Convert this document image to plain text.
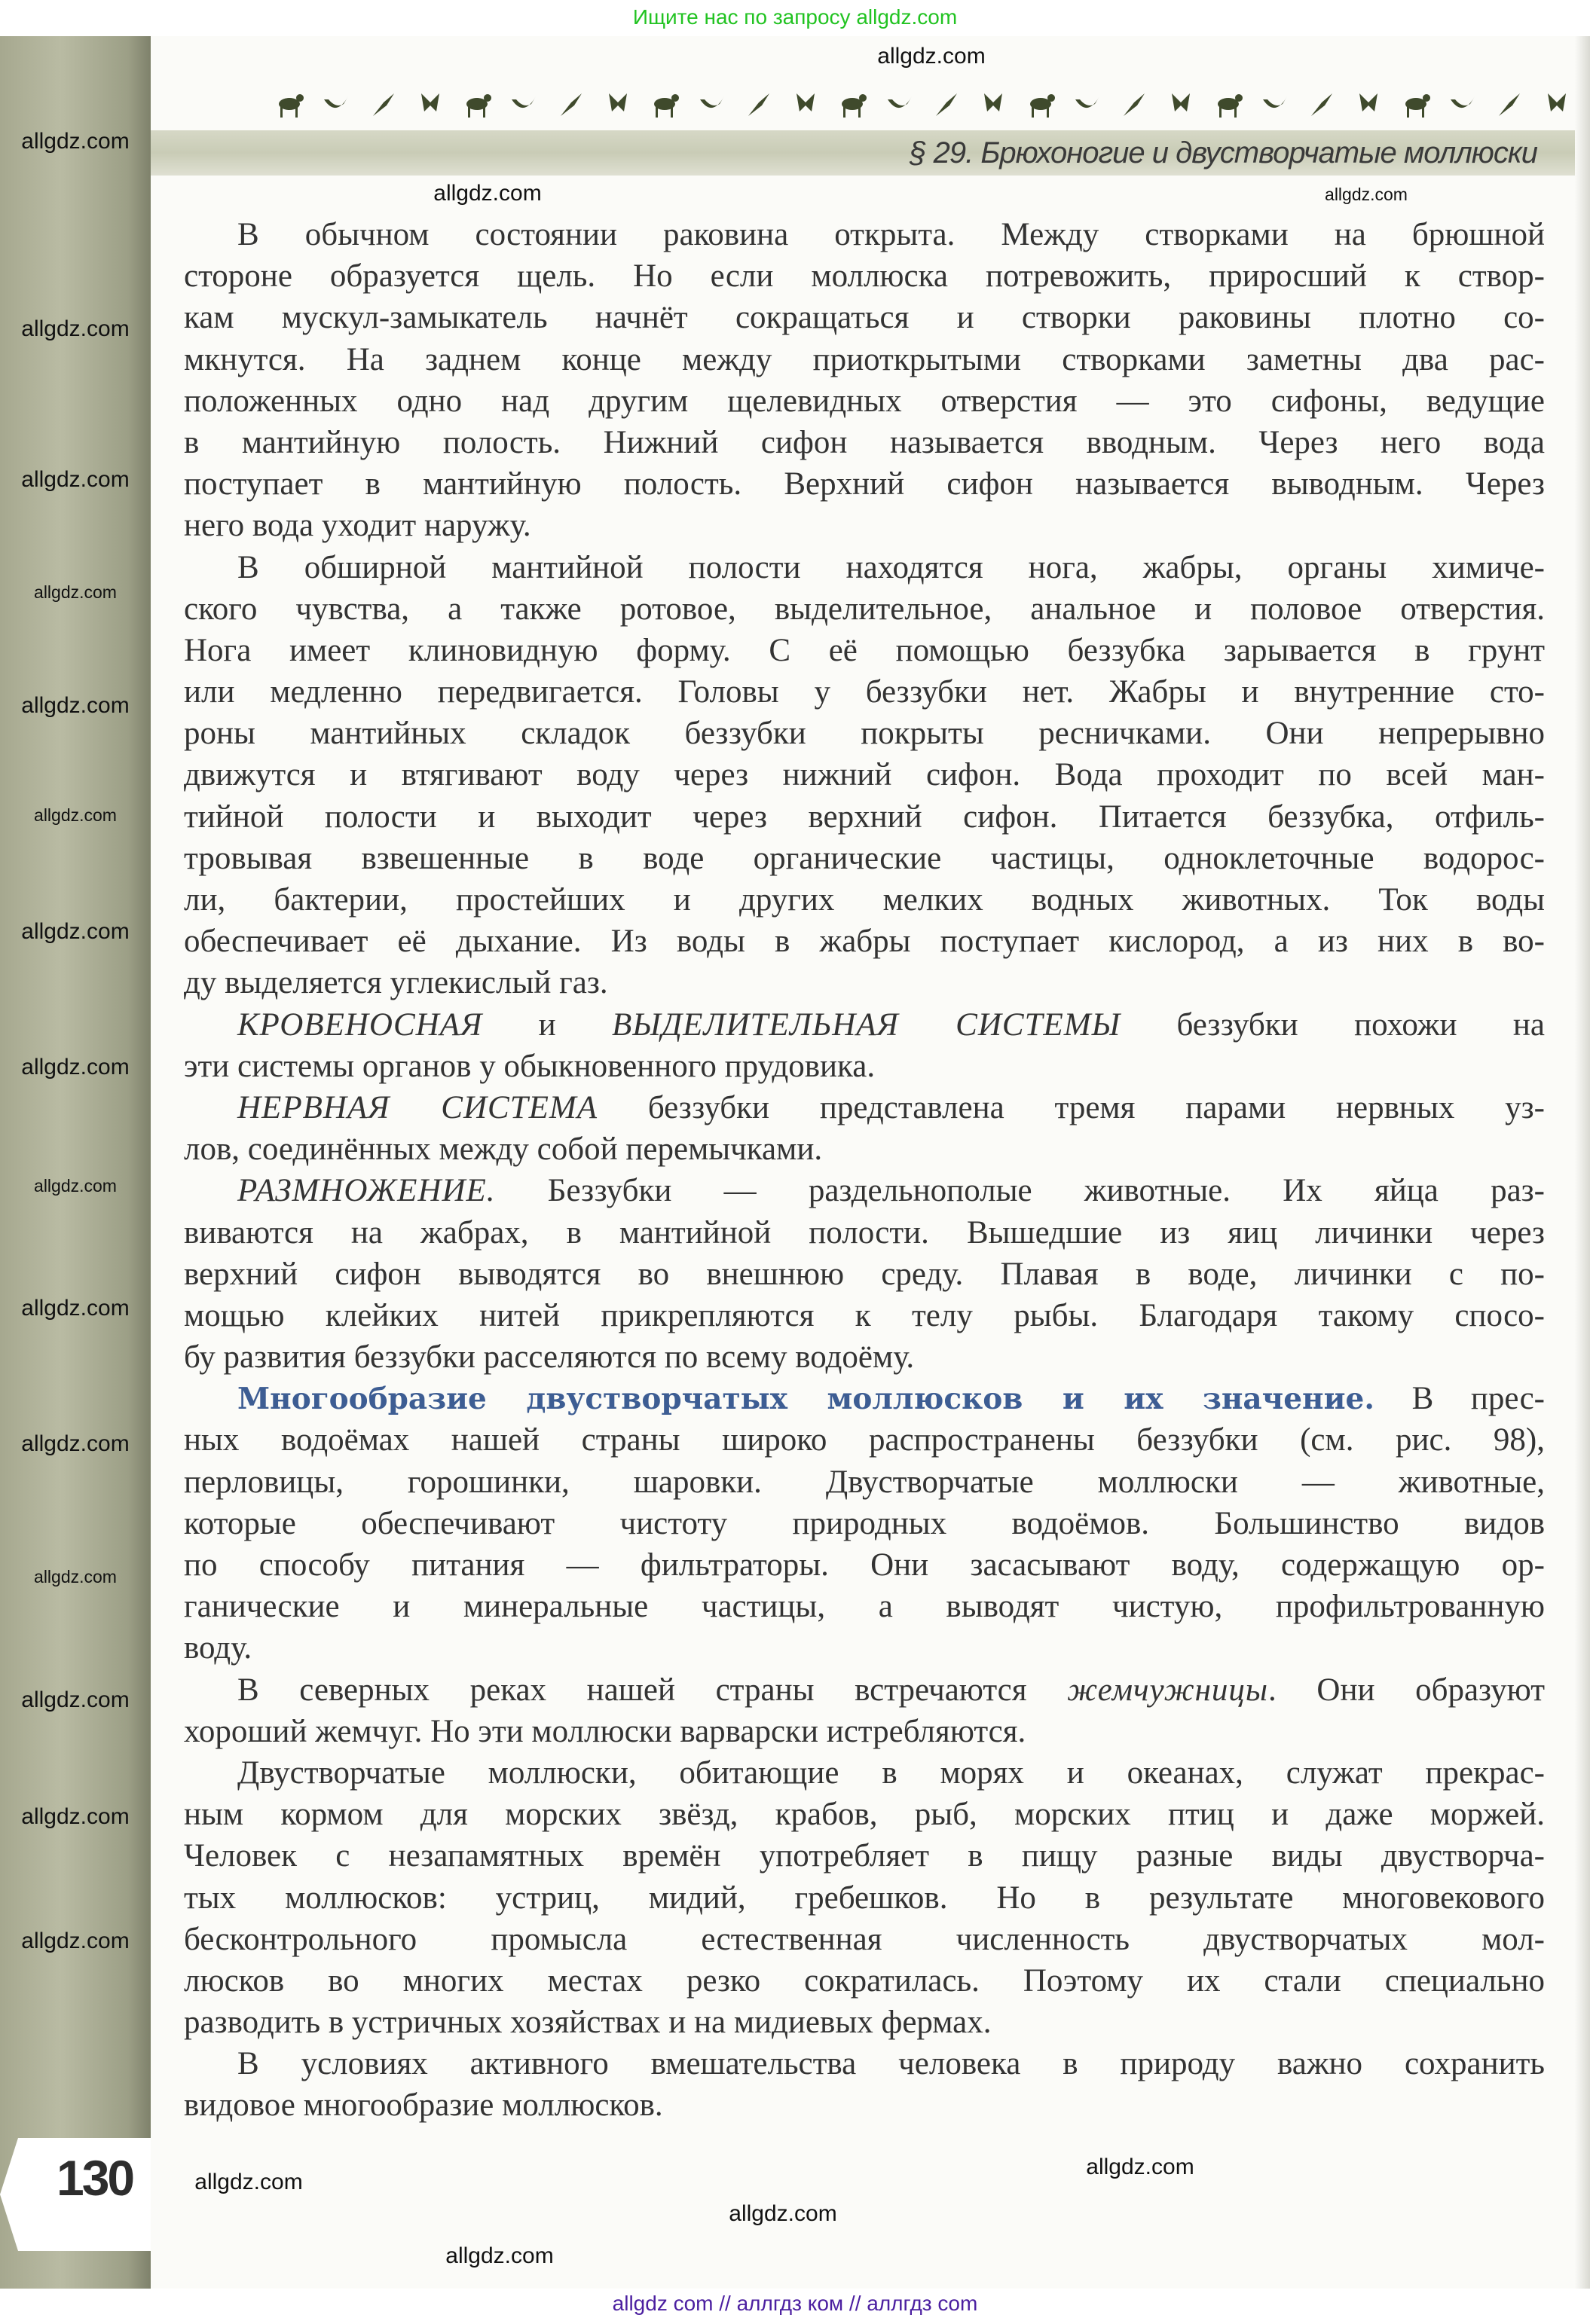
Ищите нас по запросу allgdz.com
§ 29. Брюхоногие и двустворчатые моллюски
В обычном состоянии раковина открыта. Между створками на брюшной
стороне образуется щель. Но если моллюска потревожить, приросший к створ-
кам мускул-замыкатель начнёт сокращаться и створки раковины плотно со-
мкнутся. На заднем конце между приоткрытыми створками заметны два рас-
положенных одно над другим щелевидных отверстия — это сифоны, ведущие
в мантийную полость. Нижний сифон называется вводным. Через него вода
поступает в мантийную полость. Верхний сифон называется выводным. Через
него вода уходит наружу.
В обширной мантийной полости находятся нога, жабры, органы химиче-
ского чувства, а также ротовое, выделительное, анальное и половое отверстия.
Нога имеет клиновидную форму. С её помощью беззубка зарывается в грунт
или медленно передвигается. Головы у беззубки нет. Жабры и внутренние сто-
роны мантийных складок беззубки покрыты ресничками. Они непрерывно
движутся и втягивают воду через нижний сифон. Вода проходит по всей ман-
тийной полости и выходит через верхний сифон. Питается беззубка, отфиль-
тровывая взвешенные в воде органические частицы, одноклеточные водорос-
ли, бактерии, простейших и других мелких водных животных. Ток воды
обеспечивает её дыхание. Из воды в жабры поступает кислород, а из них в во-
ду выделяется углекислый газ.
КРОВЕНОСНАЯ и ВЫДЕЛИТЕЛЬНАЯ СИСТЕМЫ беззубки похожи на
эти системы органов у обыкновенного прудовика.
НЕРВНАЯ СИСТЕМА беззубки представлена тремя парами нервных уз-
лов, соединённых между собой перемычками.
РАЗМНОЖЕНИЕ. Беззубки — раздельнополые животные. Их яйца раз-
виваются на жабрах, в мантийной полости. Вышедшие из яиц личинки через
верхний сифон выводятся во внешнюю среду. Плавая в воде, личинки с по-
мощью клейких нитей прикрепляются к телу рыбы. Благодаря такому спосо-
бу развития беззубки расселяются по всему водоёму.
Многообразие двустворчатых моллюсков и их значение. В прес-
ных водоёмах нашей страны широко распространены беззубки (см. рис. 98),
перловицы, горошинки, шаровки. Двустворчатые моллюски — животные,
которые обеспечивают чистоту природных водоёмов. Большинство видов
по способу питания — фильтраторы. Они засасывают воду, содержащую ор-
ганические и минеральные частицы, а выводят чистую, профильтрованную
воду.
В северных реках нашей страны встречаются жемчужницы. Они образуют
хороший жемчуг. Но эти моллюски варварски истребляются.
Двустворчатые моллюски, обитающие в морях и океанах, служат прекрас-
ным кормом для морских звёзд, крабов, рыб, морских птиц и даже моржей.
Человек с незапамятных времён употребляет в пищу разные виды двустворча-
тых моллюсков: устриц, мидий, гребешков. Но в результате многовекового
бесконтрольного промысла естественная численность двустворчатых мол-
люсков во многих местах резко сократилась. Поэтому их стали специально
разводить в устричных хозяйствах и на мидиевых фермах.
В условиях активного вмешательства человека в природу важно сохранить
видовое многообразие моллюсков.
130
allgdz.com
allgdz.com
allgdz.com
allgdz.com
allgdz.com
allgdz.com
allgdz.com
allgdz.com
allgdz.com
allgdz.com
allgdz.com
allgdz.com
allgdz.com
allgdz.com
allgdz.com
allgdz.com
allgdz.com
allgdz.com
allgdz.com
allgdz.com
allgdz.com
allgdz.com
allgdz com // аллгдз ком // аллгдз com
